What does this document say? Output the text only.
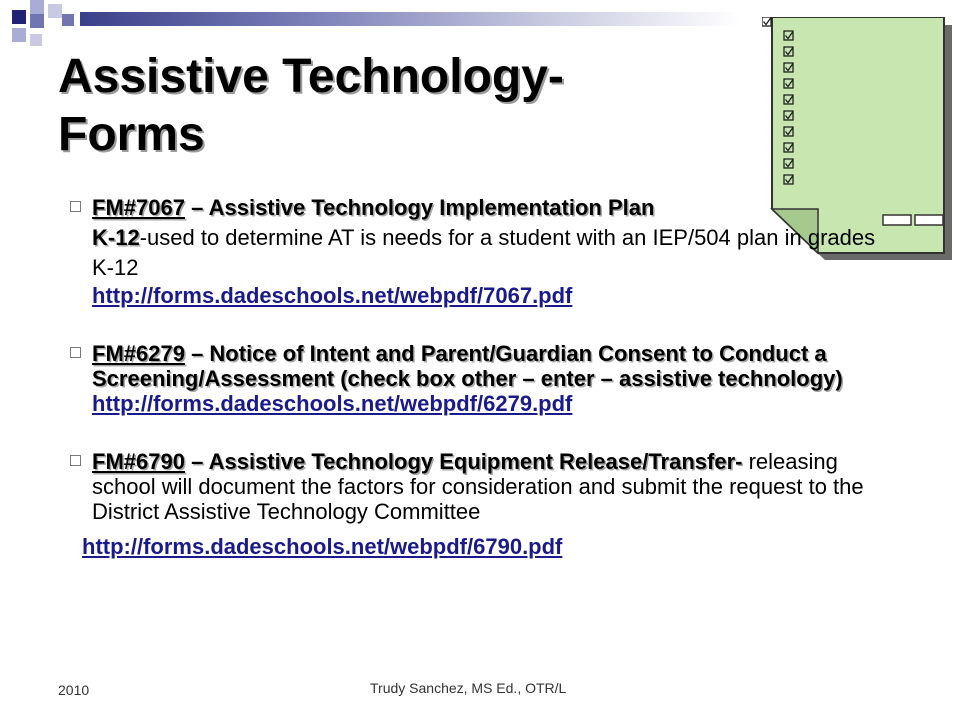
Assistive Technology-
Forms
FM#7067 – Assistive Technology Implementation Plan
K-12-used to determine AT is needs for a student with an IEP/504 plan in grades K-12
http://forms.dadeschools.net/webpdf/7067.pdf
FM#6279 – Notice of Intent and Parent/Guardian Consent to Conduct a Screening/Assessment (check box other – enter – assistive technology)
http://forms.dadeschools.net/webpdf/6279.pdf
FM#6790 – Assistive Technology Equipment Release/Transfer- releasing school will document the factors for consideration and submit the request to the District Assistive Technology Committee
http://forms.dadeschools.net/webpdf/6790.pdf
2010	Trudy Sanchez, MS Ed., OTR/L
